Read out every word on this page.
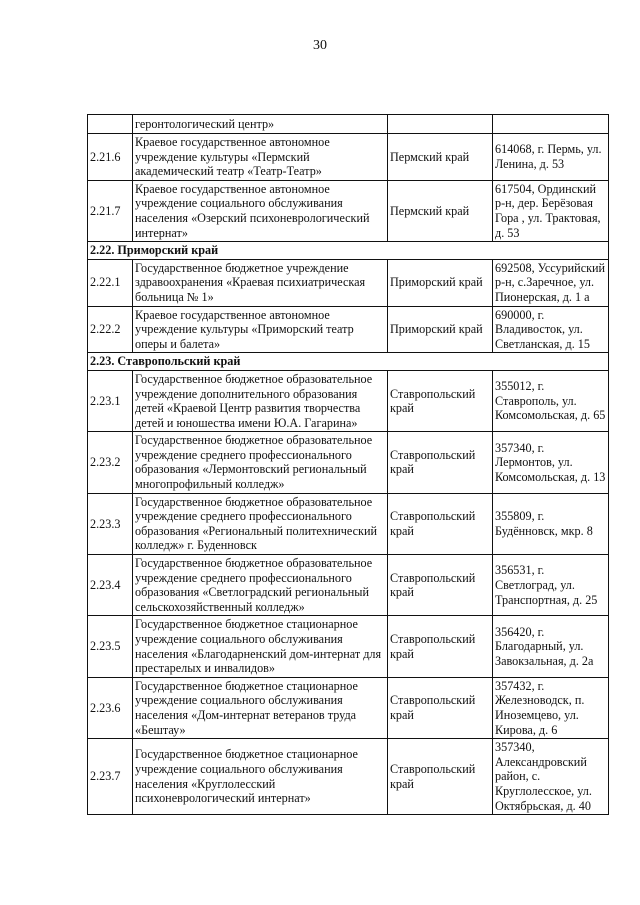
30
	геронтологический центр»		
2.21.6	Краевое государственное автономное учреждение культуры «Пермский академический театр «Театр-Театр»	Пермский край	614068, г. Пермь, ул. Ленина, д. 53
2.21.7	Краевое государственное автономное учреждение социального обслуживания населения «Озерский психоневрологический интернат»	Пермский край	617504, Ординский р-н, дер. Берёзовая Гора , ул. Трактовая, д. 53
2.22. Приморский край			
2.22.1	Государственное бюджетное учреждение здравоохранения «Краевая психиатрическая больница № 1»	Приморский край	692508, Уссурийский р-н, с.Заречное, ул. Пионерская, д. 1 а
2.22.2	Краевое государственное автономное учреждение культуры «Приморский театр оперы и балета»	Приморский край	690000, г. Владивосток, ул. Светланская, д. 15
2.23. Ставропольский край			
2.23.1	Государственное бюджетное образовательное учреждение дополнительного образования детей «Краевой Центр развития творчества детей и юношества имени Ю.А. Гагарина»	Ставропольский край	355012, г. Ставрополь, ул. Комсомольская, д. 65
2.23.2	Государственное бюджетное образовательное учреждение среднего профессионального образования «Лермонтовский региональный многопрофильный колледж»	Ставропольский край	357340, г. Лермонтов, ул. Комсомольская, д. 13
2.23.3	Государственное бюджетное образовательное учреждение среднего профессионального образования «Региональный политехнический колледж» г. Буденновск	Ставропольский край	355809, г. Будённовск, мкр. 8
2.23.4	Государственное бюджетное образовательное учреждение среднего профессионального образования «Светлоградский региональный сельскохозяйственный колледж»	Ставропольский край	356531, г. Светлоград, ул. Транспортная, д. 25
2.23.5	Государственное бюджетное стационарное учреждение социального обслуживания населения «Благодарненский дом-интернат для престарелых и инвалидов»	Ставропольский край	356420, г. Благодарный, ул. Завокзальная, д. 2а
2.23.6	Государственное бюджетное стационарное учреждение социального обслуживания населения «Дом-интернат ветеранов труда «Бештау»	Ставропольский край	357432, г. Железноводск, п. Иноземцево, ул. Кирова, д. 6
2.23.7	Государственное бюджетное стационарное учреждение социального обслуживания населения «Круглолесский психоневрологический интернат»	Ставропольский край	357340, Александровский район, с. Круглолесское, ул. Октябрьская, д. 40
